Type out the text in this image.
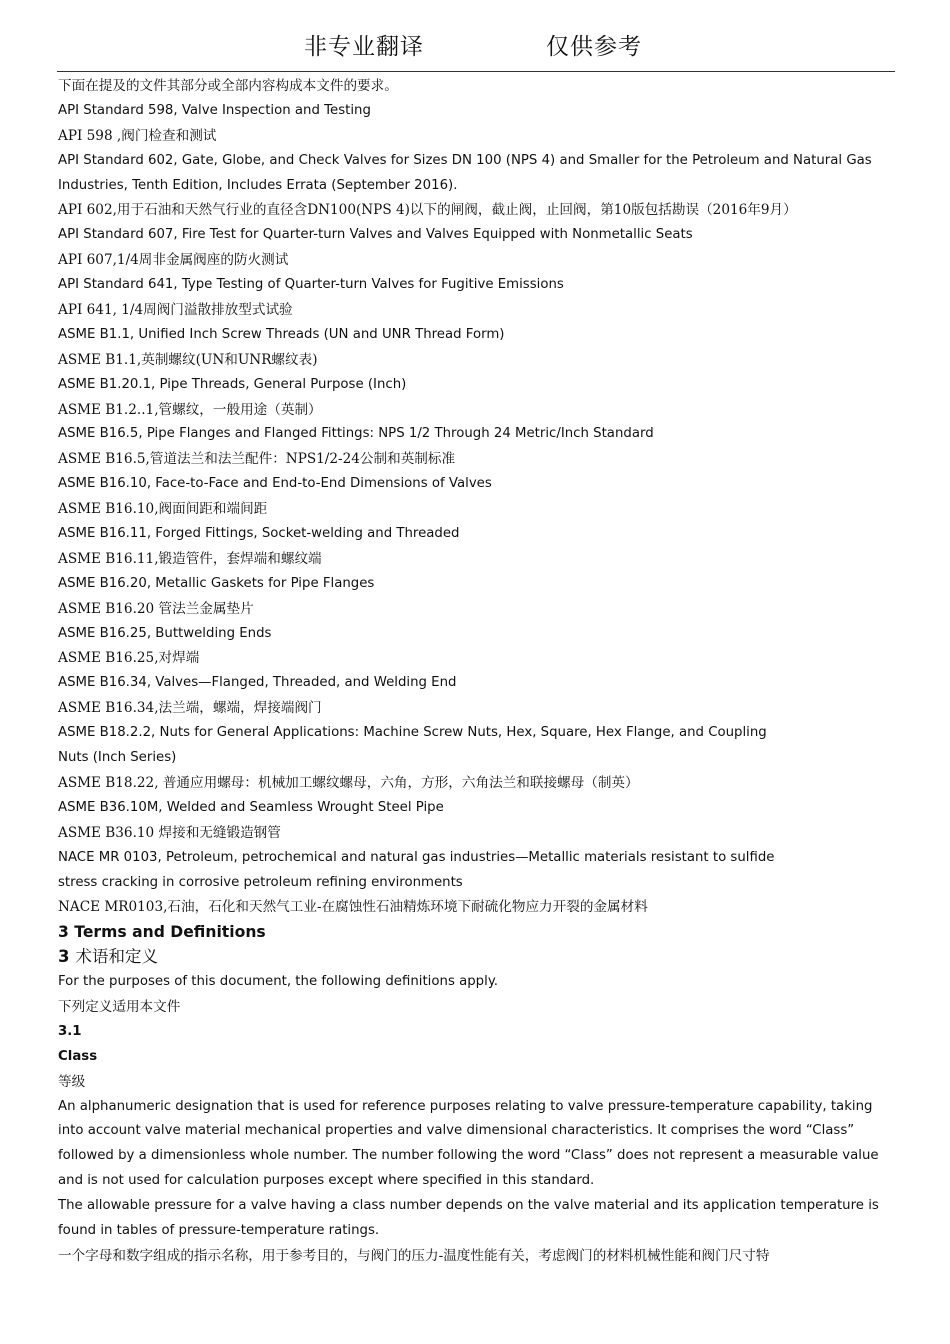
非专业翻译	仅供参考
下面在提及的文件其部分或全部内容构成本文件的要求。
API Standard 598, Valve Inspection and Testing
API 598 ,阀门检查和测试
API Standard 602, Gate, Globe, and Check Valves for Sizes DN 100 (NPS 4) and Smaller for the Petroleum and Natural Gas
Industries, Tenth Edition, Includes Errata (September 2016).
API 602,用于石油和天然气行业的直径含DN100(NPS 4)以下的闸阀，截止阀，止回阀，第10版包括勘误（2016年9月）
API Standard 607, Fire Test for Quarter-turn Valves and Valves Equipped with Nonmetallic Seats
API 607,1/4周非金属阀座的防火测试
API Standard 641, Type Testing of Quarter-turn Valves for Fugitive Emissions
API 641, 1/4周阀门溢散排放型式试验
ASME B1.1, Unified Inch Screw Threads (UN and UNR Thread Form)
ASME B1.1,英制螺纹(UN和UNR螺纹表)
ASME B1.20.1, Pipe Threads, General Purpose (Inch)
ASME B1.2..1,管螺纹，一般用途（英制）
ASME B16.5, Pipe Flanges and Flanged Fittings: NPS 1/2 Through 24 Metric/Inch Standard
ASME B16.5,管道法兰和法兰配件：NPS1/2-24公制和英制标准
ASME B16.10, Face-to-Face and End-to-End Dimensions of Valves
ASME B16.10,阀面间距和端间距
ASME B16.11, Forged Fittings, Socket-welding and Threaded
ASME B16.11,锻造管件，套焊端和螺纹端
ASME B16.20, Metallic Gaskets for Pipe Flanges
ASME B16.20 管法兰金属垫片
ASME B16.25, Buttwelding Ends
ASME B16.25,对焊端
ASME B16.34, Valves—Flanged, Threaded, and Welding End
ASME B16.34,法兰端，螺端，焊接端阀门
ASME B18.2.2, Nuts for General Applications: Machine Screw Nuts, Hex, Square, Hex Flange, and Coupling
Nuts (Inch Series)
ASME B18.22, 普通应用螺母：机械加工螺纹螺母，六角，方形，六角法兰和联接螺母（制英）
ASME B36.10M, Welded and Seamless Wrought Steel Pipe
ASME B36.10 焊接和无缝锻造钢管
NACE MR 0103, Petroleum, petrochemical and natural gas industries—Metallic materials resistant to sulfide
stress cracking in corrosive petroleum refining environments
NACE MR0103,石油，石化和天然气工业-在腐蚀性石油精炼环境下耐硫化物应力开裂的金属材料
3 Terms and Definitions
3 术语和定义
For the purposes of this document, the following definitions apply.
下列定义适用本文件
3.1
Class
等级
An alphanumeric designation that is used for reference purposes relating to valve pressure-temperature capability, taking into account valve material mechanical properties and valve dimensional characteristics. It comprises the word “Class” followed by a dimensionless whole number. The number following the word “Class” does not represent a measurable value and is not used for calculation purposes except where specified in this standard.
The allowable pressure for a valve having a class number depends on the valve material and its application temperature is found in tables of pressure-temperature ratings.
一个字母和数字组成的指示名称，用于参考目的，与阀门的压力-温度性能有关，考虑阀门的材料机械性能和阀门尺寸特
